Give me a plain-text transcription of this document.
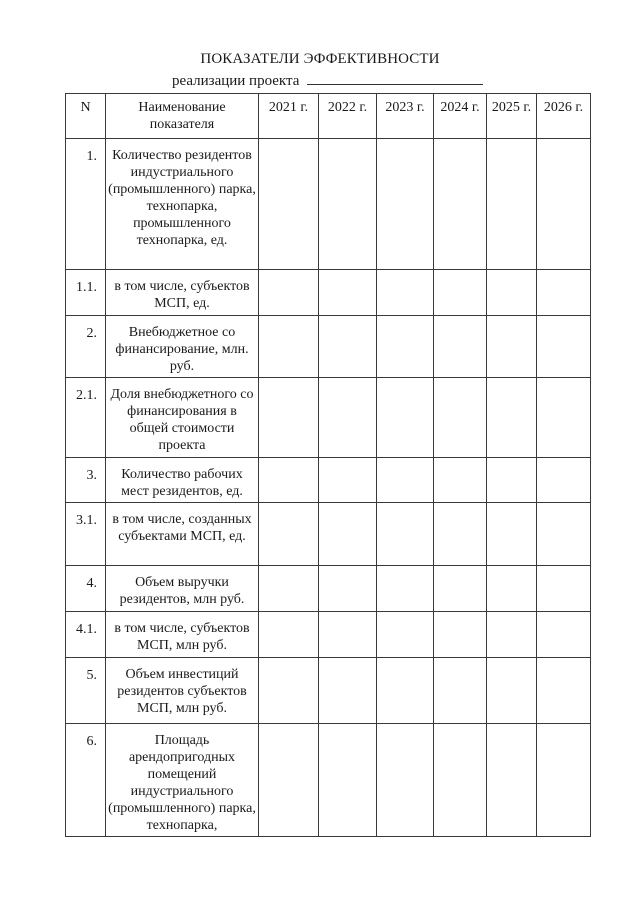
ПОКАЗАТЕЛИ ЭФФЕКТИВНОСТИ
реализации проекта
N	Наименование показателя	2021 г.	2022 г.	2023 г.	2024 г.	2025 г.	2026 г.
1.	Количество резидентов индустриального (промышленного) парка, технопарка, промышленного технопарка, ед.						
1.1.	в том числе, субъектов МСП, ед.						
2.	Внебюджетное со финансирование, млн. руб.						
2.1.	Доля внебюджетного со финансирования в общей стоимости проекта						
3.	Количество рабочих мест резидентов, ед.						
3.1.	в том числе, созданных субъектами МСП, ед.						
4.	Объем выручки резидентов, млн руб.						
4.1.	в том числе, субъектов МСП, млн руб.						
5.	Объем инвестиций резидентов субъектов МСП, млн руб.						
6.	Площадь арендопригодных помещений индустриального (промышленного) парка, технопарка,						
